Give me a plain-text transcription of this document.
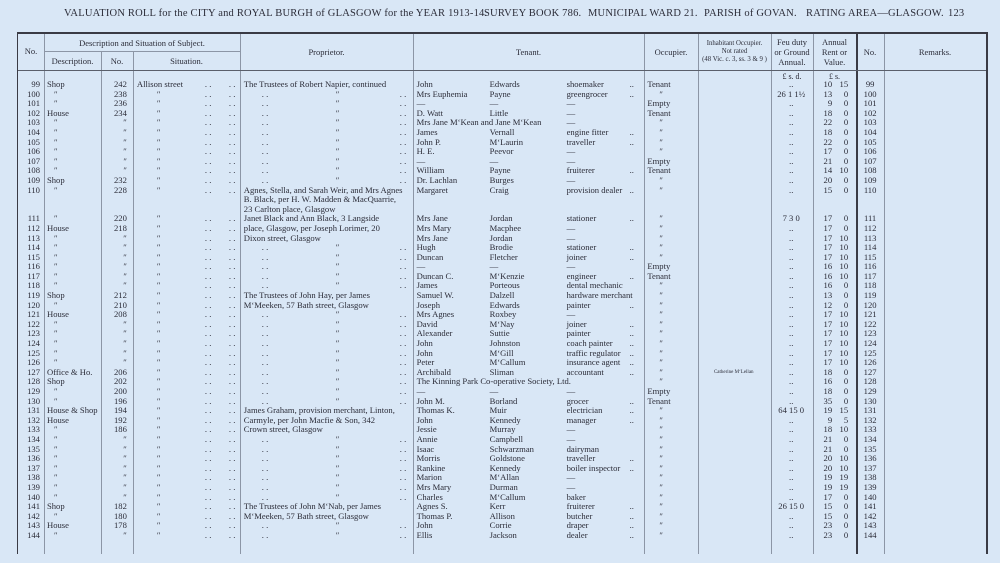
VALUATION ROLL for the CITY and ROYAL BURGH of GLASGOW for the YEAR 1913-14.
SURVEY BOOK 786. MUNICIPAL WARD 21. PARISH of GOVAN. RATING AREA—GLASGOW. 123
No.
Description and Situation of Subject.
Description.	No.	Situation.
Proprietor.	Tenant.	Occupier.
Inhabitant Occupier.
Not rated
(48 Vic. c. 3, ss. 3 & 9 )
Feu duty
or Ground
Annual.
Annual
Rent or
Value.
No.	Remarks.
£ s. d.	£ s.
99 Shop	242	Allison street	. . . . The Trustees of Robert Napier, continued	John	Edwards	shoemaker	..	Tenant	..	10 15	99
100	″	238	″	. . . .	. .	″	. . Mrs Euphemia	Payne	greengrocer	..	″	26 1 1½	13 0	100
101	″	236	″	. . . .	. .	″	. . —	—	—	Empty	..	9 0	101
102 House	234	″	. . . .	. .	″	. . D. Watt	Little	—	Tenant	..	18 0	102
103	″	″	″	. . . .	. .	″	. . Mrs Jane M‘Kean and Jane M‘Kean	—	″	..	22 0	103
104	″	″	″	. . . .	. .	″	. . James	Vernall	engine fitter ..	″	..	18 0	104
105	″	″	″	. . . .	. .	″	. . John P.	M‘Laurin	traveller	..	″	..	22 0	105
106	″	″	″	. . . .	. .	″	. . H. E.	Peevor	—	″	..	17 0	106
107	″	″	″	. . . .	. .	″	. . —	—	—	Empty	..	21 0	107
108	″	″	″	. . . .	. .	″	. . William	Payne	fruiterer	..	Tenant	..	14 10	108
109 Shop	232	″	. . . .	. .	″	. . Dr. Lachlan	Burges	—	″	..	20 0	109
110	″	228	″	. . . . Agnes, Stella, and Sarah Weir, and Mrs Agnes Margaret	Craig	provision dealer ..	″	..	15 0	110
B. Black, per H. W. Madden & MacQuarrie,
23 Carlton place, Glasgow
111	″	220	″	. . . . Janet Black and Ann Black, 3 Langside	Mrs Jane	Jordan	stationer	..	″	7 3 0	17 0	111
112 House	218	″	. . . . place, Glasgow, per Joseph Lorimer, 20	Mrs Mary	Macphee	—	″	..	17 0	112
113	″	″	″	. . . . Dixon street, Glasgow	Mrs Jane	Jordan	—	″	..	17 10	113
114	″	″	″	. . . .	. .	″	. . Hugh	Brodie	stationer	..	″	..	17 10	114
115	″	″	″	. . . .	. .	″	. . Duncan	Fletcher	joiner	..	″	..	17 10	115
116	″	″	″	. . . .	. .	″	. . —	—	—	Empty	..	16 10	116
117	″	″	″	. . . .	. .	″	. . Duncan C.	M‘Kenzie	engineer	..	Tenant	..	16 10	117
118	″	″	″	. . . .	. .	″	. . James	Porteous	dental mechanic	″	..	16 0	118
119 Shop	212	″	. . . . The Trustees of John Hay, per James	Samuel W.	Dalzell	hardware merchant	″	..	13 0	119
120	″	210	″	. . . . M‘Meeken, 57 Bath street, Glasgow	Joseph	Edwards	painter	..	″	..	12 0	120
121 House	208	″	. . . .	. .	″	. . Mrs Agnes	Roxbey	—	″	..	17 10	121
122	″	″	″	. . . .	. .	″	. . David	M‘Nay	joiner	..	″	..	17 10	122
123	″	″	″	. . . .	. .	″	. . Alexander	Suttie	painter	..	″	..	17 10	123
124	″	″	″	. . . .	. .	″	. . John	Johnston	coach painter ..	″	..	17 10	124
125	″	″	″	. . . .	. .	″	. . John	M‘Gill	traffic regulator ..	″	..	17 10	125
126	″	″	″	. . . .	. .	″	. . Peter	M‘Callum	insurance agent ..	″	..	17 10	126
127 Office & Ho.	206	″	. . . .	. .	″	. . Archibald	Sliman	accountant	..	″	Catherine M‘Lellan	..	18 0	127
128 Shop	202	″	. . . .	. .	″	. . The Kinning Park Co-operative Society, Ltd.	″	..	16 0	128
129	″	200	″	. . . .	. .	″	. . —	—	—	Empty	..	18 0	129
130	″	196	″	. . . .	. .	″	. . John M.	Borland	grocer	..	Tenant	..	35 0	130
131 House & Shop	194	″	. . . . James Graham, provision merchant, Linton,	Thomas K.	Muir	electrician	..	″	64 15 0	19 15	131
132 House	192	″	. . . . Carmyle, per John Macfie & Son, 342	John	Kennedy	manager	..	″	..	9 5	132
133	″	186	″	. . . . Crown street, Glasgow	Jessie	Murray	—	″	..	18 10	133
134	″	″	″	. . . .	. .	″	. . Annie	Campbell	—	″	..	21 0	134
135	″	″	″	. . . .	. .	″	. . Isaac	Schwarzman	dairyman	″	..	21 0	135
136	″	″	″	. . . .	. .	″	. . Morris	Goldstone	traveller	..	″	..	20 10	136
137	″	″	″	. . . .	. .	″	. . Rankine	Kennedy	boiler inspector ..	″	..	20 10	137
138	″	″	″	. . . .	. .	″	. . Marion	M‘Allan	—	″	..	19 19	138
139	″	″	″	. . . .	. .	″	. . Mrs Mary	Durman	—	″	..	19 19	139
140	″	″	″	. . . .	. .	″	. . Charles	M‘Callum	baker	″	..	17 0	140
141 Shop	182	″	. . . . The Trustees of John M‘Nab, per James	Agnes S.	Kerr	fruiterer	..	″	26 15 0	15 0	141
142	″	180	″	. . . . M‘Meeken, 57 Bath street, Glasgow	Thomas P.	Allison	butcher	..	″	..	15 0	142
143 House	178	″	. . . .	. .	″	. . John	Corrie	draper	..	″	..	23 0	143
144	″	″	″	. . . .	. .	″	. . Ellis	Jackson	dealer	..	″	..	23 0	144
